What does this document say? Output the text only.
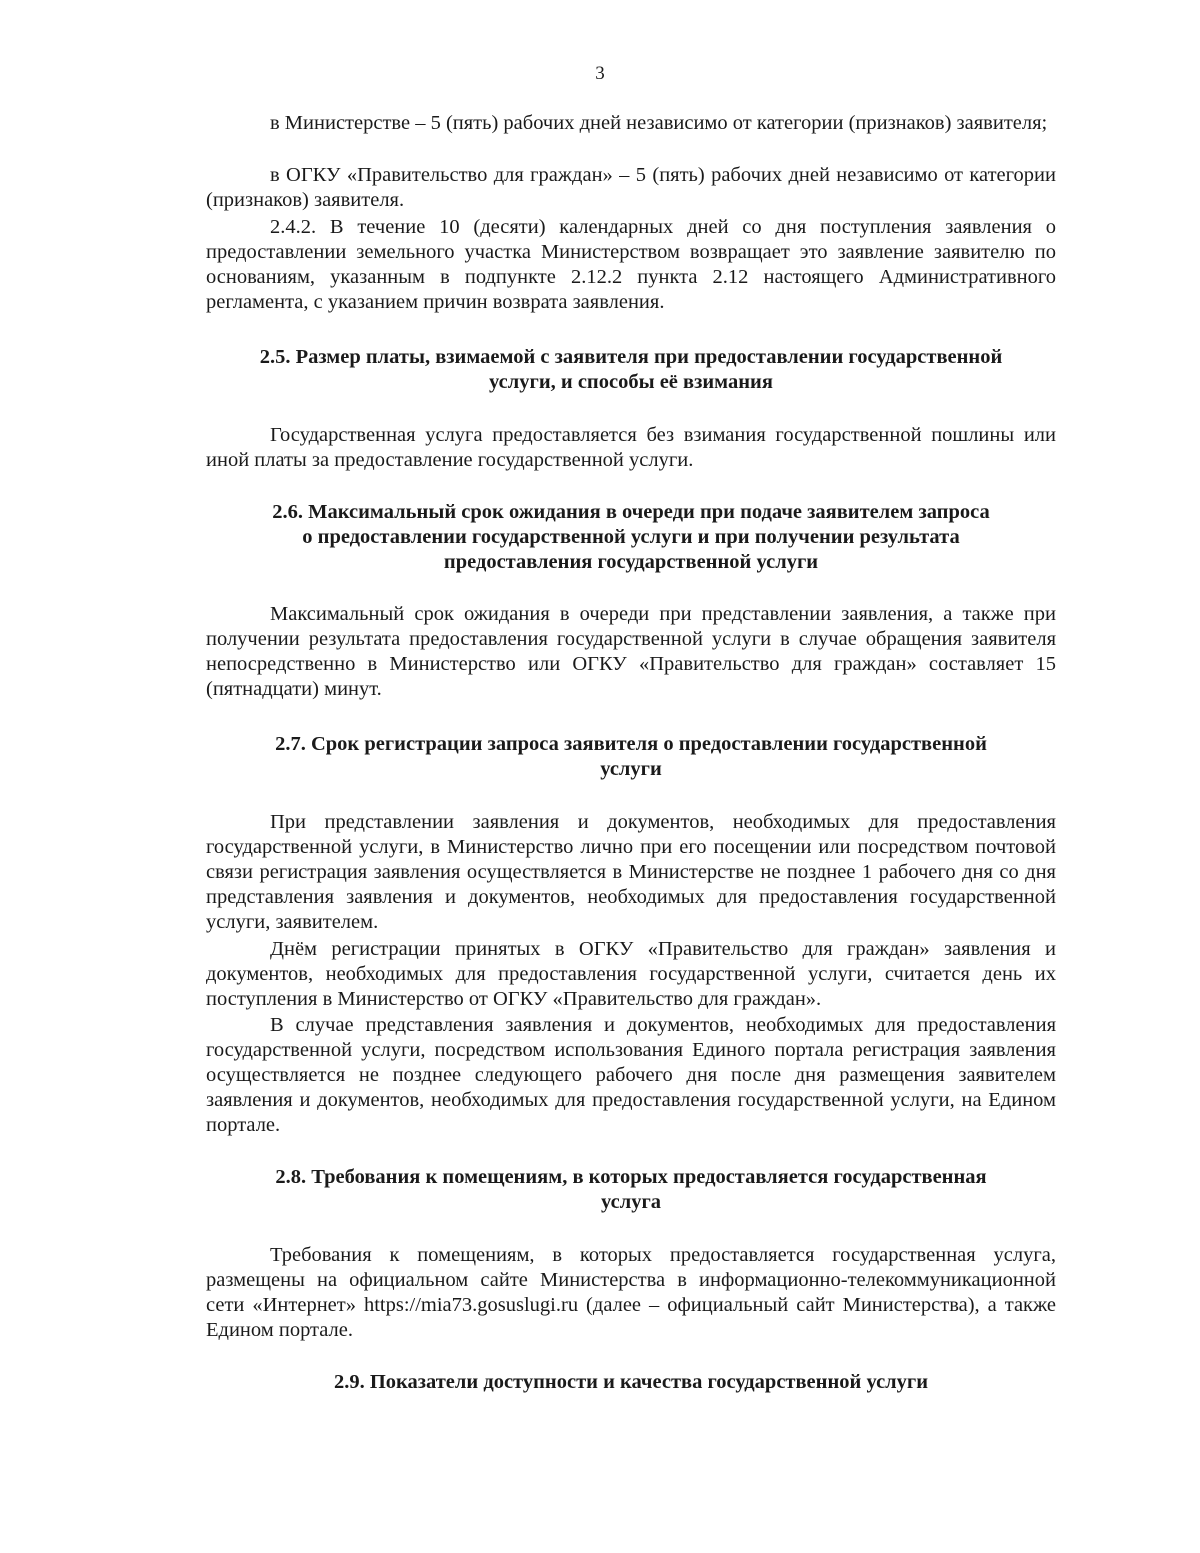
3
в Министерстве – 5 (пять) рабочих дней независимо от категории (признаков) заявителя;
в ОГКУ «Правительство для граждан» – 5 (пять) рабочих дней независимо от категории (признаков) заявителя.
2.4.2. В течение 10 (десяти) календарных дней со дня поступления заявления о предоставлении земельного участка Министерством возвращает это заявление заявителю по основаниям, указанным в подпункте 2.12.2 пункта 2.12 настоящего Административного регламента, с указанием причин возврата заявления.
2.5. Размер платы, взимаемой с заявителя при предоставлении государственной
услуги, и способы её взимания
Государственная услуга предоставляется без взимания государственной пошлины или иной платы за предоставление государственной услуги.
2.6. Максимальный срок ожидания в очереди при подаче заявителем запроса
о предоставлении государственной услуги и при получении результата
предоставления государственной услуги
Максимальный срок ожидания в очереди при представлении заявления, а также при получении результата предоставления государственной услуги в случае обращения заявителя непосредственно в Министерство или ОГКУ «Правительство для граждан» составляет 15 (пятнадцати) минут.
2.7. Срок регистрации запроса заявителя о предоставлении государственной
услуги
При представлении заявления и документов, необходимых для предоставления государственной услуги, в Министерство лично при его посещении или посредством почтовой связи регистрация заявления осуществляется в Министерстве не позднее 1 рабочего дня со дня представления заявления и документов, необходимых для предоставления государственной услуги, заявителем.
Днём регистрации принятых в ОГКУ «Правительство для граждан» заявления и документов, необходимых для предоставления государственной услуги, считается день их поступления в Министерство от ОГКУ «Правительство для граждан».
В случае представления заявления и документов, необходимых для предоставления государственной услуги, посредством использования Единого портала регистрация заявления осуществляется не позднее следующего рабочего дня после дня размещения заявителем заявления и документов, необходимых для предоставления государственной услуги, на Едином портале.
2.8. Требования к помещениям, в которых предоставляется государственная
услуга
Требования к помещениям, в которых предоставляется государственная услуга, размещены на официальном сайте Министерства в информационно-телекоммуникационной сети «Интернет» https://mia73.gosuslugi.ru (далее – официальный сайт Министерства), а также Едином портале.
2.9. Показатели доступности и качества государственной услуги
